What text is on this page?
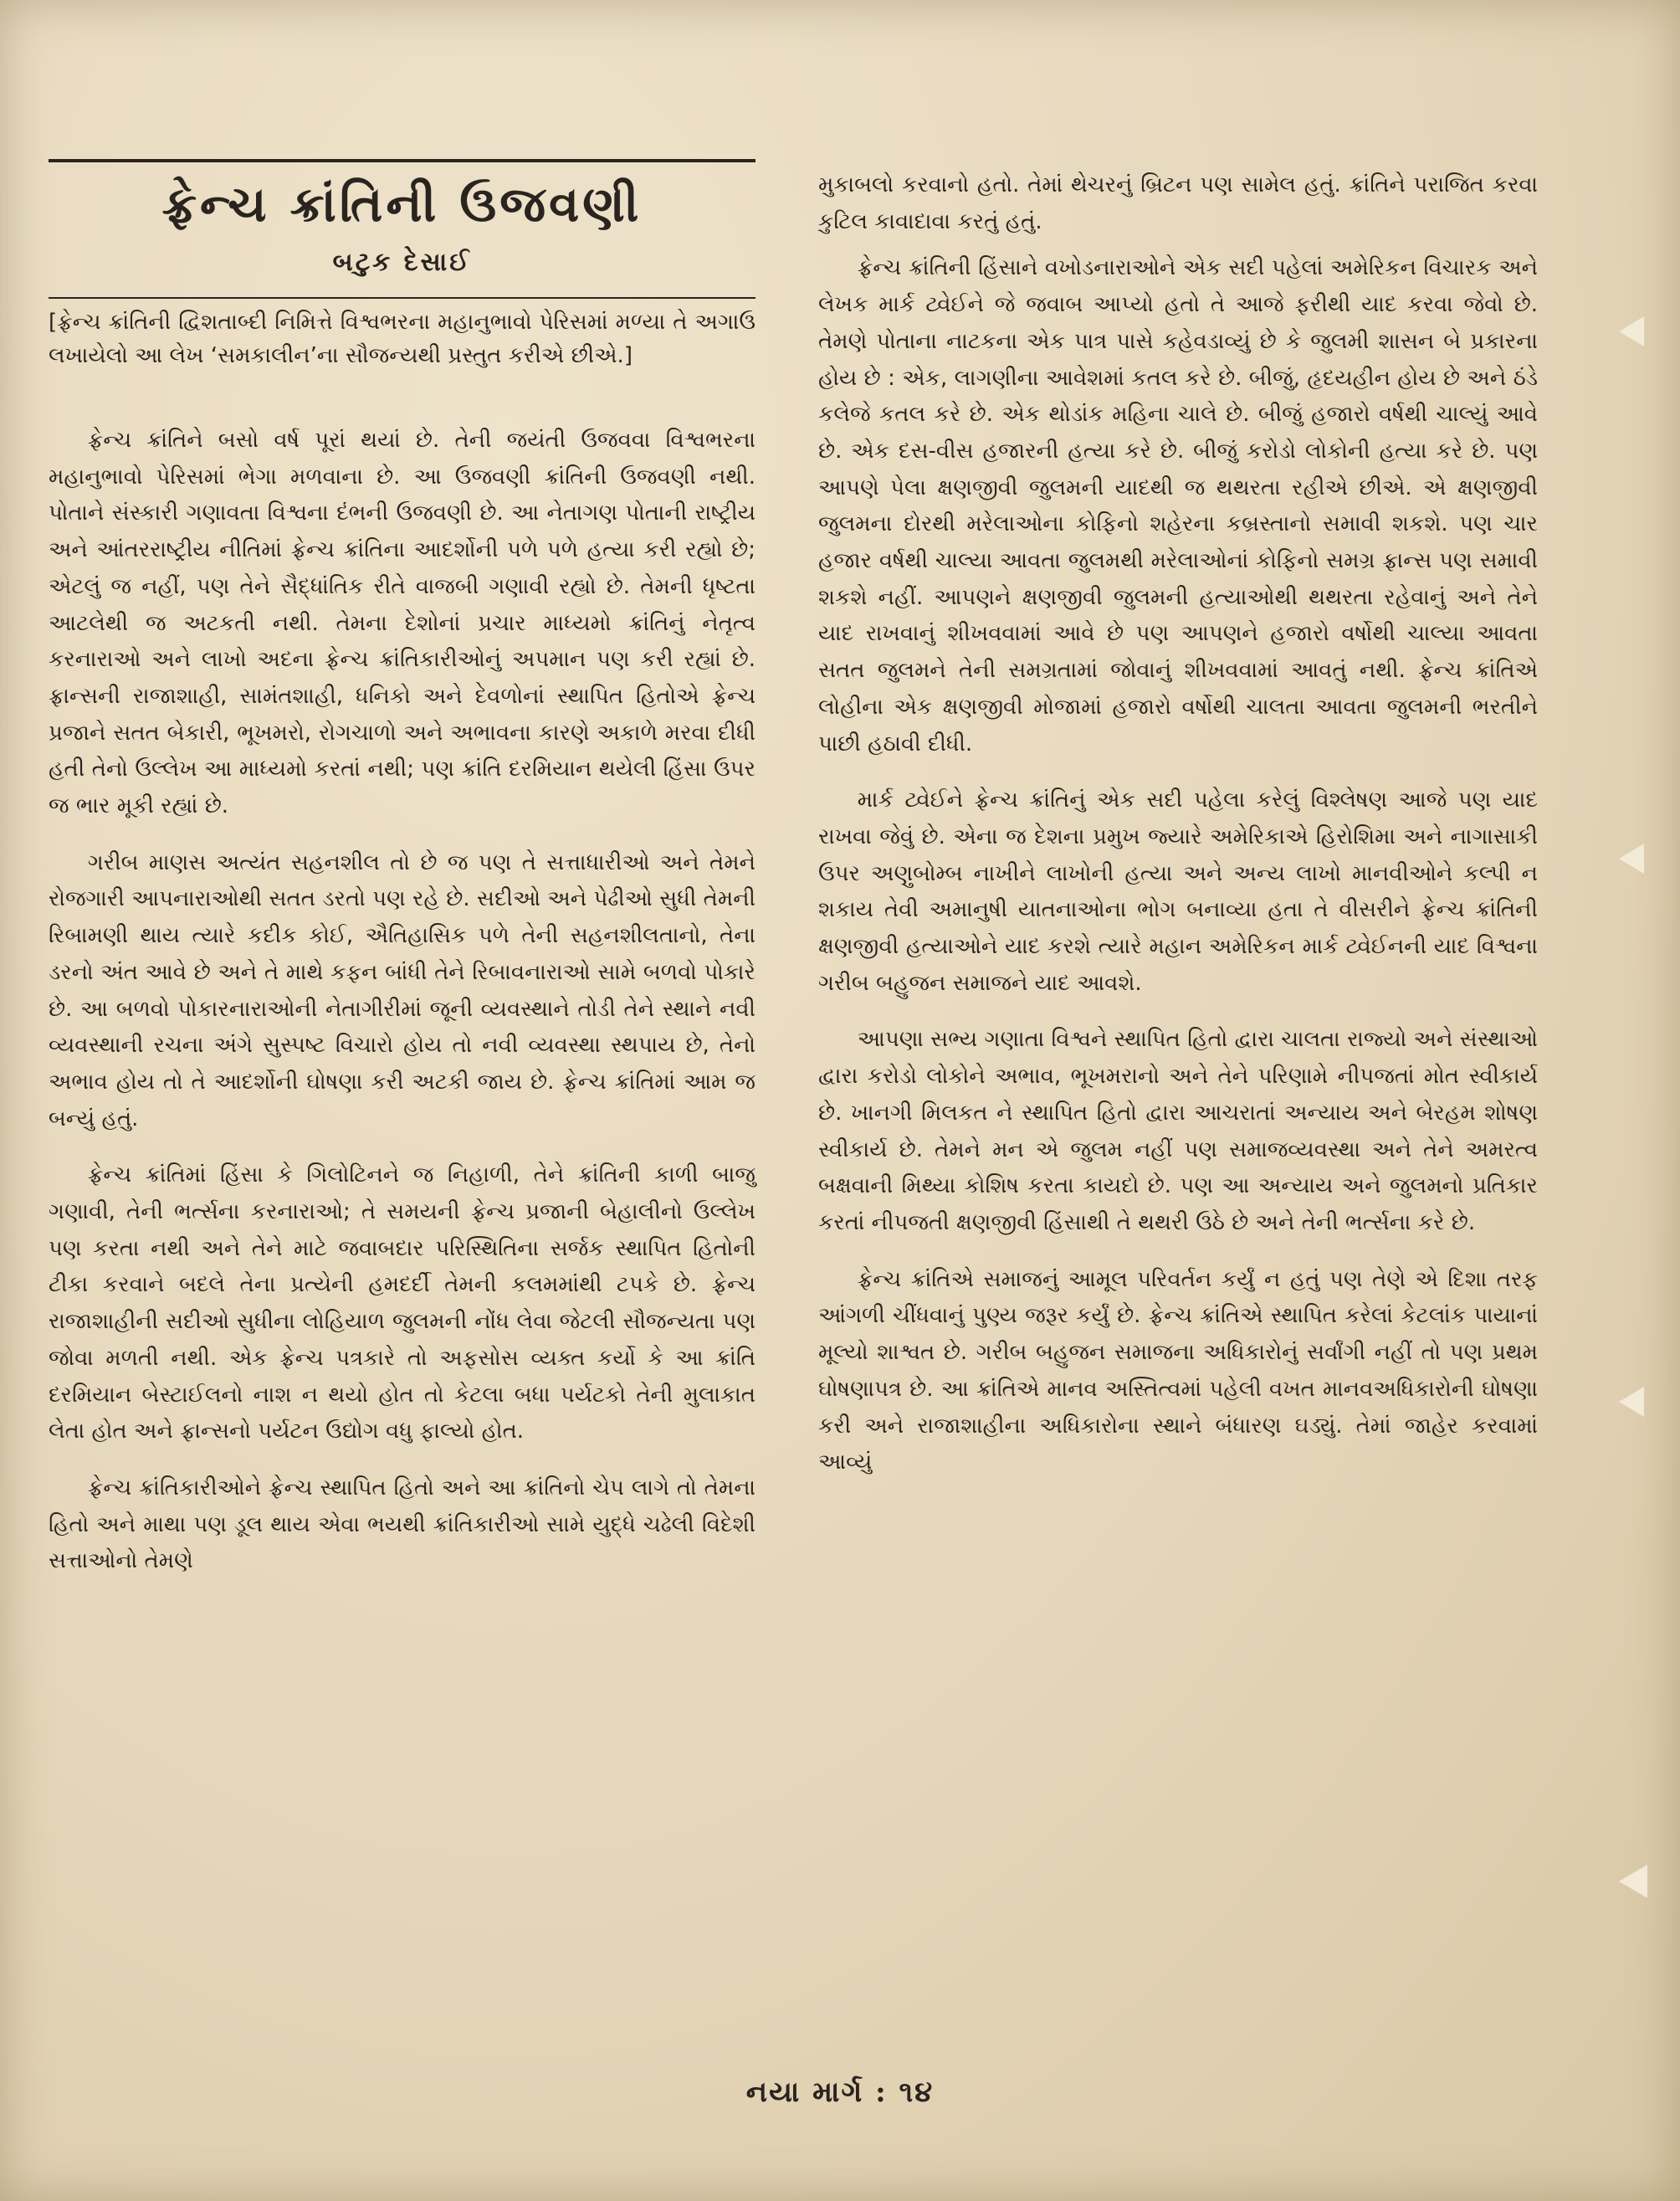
ફ્રેન્ચ ક્રાંતિની ઉજવણી
બટુક દેસાઈ
[ફ્રેન્ચ ક્રાંતિની દ્વિશતાબ્દી નિમિત્તે વિશ્વભરના મહાનુભાવો પેરિસમાં મળ્યા તે અગાઉ લખાયેલો આ લેખ ‘સમકાલીન’ના સૌજન્યથી પ્રસ્તુત કરીએ છીએ.]

ફ્રેન્ચ ક્રાંતિને બસો વર્ષ પૂરાં થયાં છે. તેની જયંતી ઉજવવા વિશ્વભરના મહાનુભાવો પેરિસમાં ભેગા મળવાના છે. આ ઉજવણી ક્રાંતિની ઉજવણી નથી. પોતાને સંસ્કારી ગણાવતા વિશ્વના દંભની ઉજવણી છે. આ નેતાગણ પોતાની રાષ્ટ્રીય અને આંતરરાષ્ટ્રીય નીતિમાં ફ્રેન્ચ ક્રાંતિના આદર્શોની પળે પળે હત્યા કરી રહ્યો છે; એટલું જ નહીં, પણ તેને સૈદ્ધાંતિક રીતે વાજબી ગણાવી રહ્યો છે. તેમની ધૃષ્ટતા આટલેથી જ અટકતી નથી. તેમના દેશોનાં પ્રચાર માધ્યમો ક્રાંતિનું નેતૃત્વ કરનારાઓ અને લાખો અદના ફ્રેન્ચ ક્રાંતિકારીઓનું અપમાન પણ કરી રહ્યાં છે. ફ્રાન્સની રાજાશાહી, સામંતશાહી, ધનિકો અને દેવળોનાં સ્થાપિત હિતોએ ફ્રેન્ચ પ્રજાને સતત બેકારી, ભૂખમરો, રોગચાળો અને અભાવના કારણે અકાળે મરવા દીધી હતી તેનો ઉલ્લેખ આ માધ્યમો કરતાં નથી; પણ ક્રાંતિ દરમિયાન થયેલી હિંસા ઉપર જ ભાર મૂકી રહ્યાં છે.

ગરીબ માણસ અત્યંત સહનશીલ તો છે જ પણ તે સત્તાધારીઓ અને તેમને રોજગારી આપનારાઓથી સતત ડરતો પણ રહે છે. સદીઓ અને પેઢીઓ સુધી તેમની રિબામણી થાય ત્યારે કદીક કોઈ, ઐતિહાસિક પળે તેની સહનશીલતાનો, તેના ડરનો અંત આવે છે અને તે માથે કફન બાંધી તેને રિબાવનારાઓ સામે બળવો પોકારે છે. આ બળવો પોકારનારાઓની નેતાગીરીમાં જૂની વ્યવસ્થાને તોડી તેને સ્થાને નવી વ્યવસ્થાની રચના અંગે સુસ્પષ્ટ વિચારો હોય તો નવી વ્યવસ્થા સ્થપાય છે, તેનો અભાવ હોય તો તે આદર્શોની ઘોષણા કરી અટકી જાય છે. ફ્રેન્ચ ક્રાંતિમાં આમ જ બન્યું હતું.

ફ્રેન્ચ ક્રાંતિમાં હિંસા કે ગિલોટિનને જ નિહાળી, તેને ક્રાંતિની કાળી બાજુ ગણાવી, તેની ભર્ત્સના કરનારાઓ; તે સમયની ફ્રેન્ચ પ્રજાની બેહાલીનો ઉલ્લેખ પણ કરતા નથી અને તેને માટે જવાબદાર પરિસ્થિતિના સર્જક સ્થાપિત હિતોની ટીકા કરવાને બદલે તેના પ્રત્યેની હમદર્દી તેમની કલમમાંથી ટપકે છે. ફ્રેન્ચ રાજાશાહીની સદીઓ સુધીના લોહિયાળ જુલમની નોંધ લેવા જેટલી સૌજન્યતા પણ જોવા મળતી નથી. એક ફ્રેન્ચ પત્રકારે તો અફસોસ વ્યક્ત કર્યો કે આ ક્રાંતિ દરમિયાન બેસ્ટાઈલનો નાશ ન થયો હોત તો કેટલા બધા પર્યટકો તેની મુલાકાત લેતા હોત અને ફ્રાન્સનો પર્યટન ઉદ્યોગ વધુ ફાલ્યો હોત.

ફ્રેન્ચ ક્રાંતિકારીઓને ફ્રેન્ચ સ્થાપિત હિતો અને આ ક્રાંતિનો ચેપ લાગે તો તેમના હિતો અને માથા પણ ડૂલ થાય એવા ભયથી ક્રાંતિકારીઓ સામે યુદ્ધે ચઢેલી વિદેશી સત્તાઓનો તેમણે

મુકાબલો કરવાનો હતો. તેમાં થેચરનું બ્રિટન પણ સામેલ હતું. ક્રાંતિને પરાજિત કરવા કુટિલ કાવાદાવા કરતું હતું.

ફ્રેન્ચ ક્રાંતિની હિંસાને વખોડનારાઓને એક સદી પહેલાં અમેરિકન વિચારક અને લેખક માર્ક ટ્વેઈને જે જવાબ આપ્યો હતો તે આજે ફરીથી યાદ કરવા જેવો છે. તેમણે પોતાના નાટકના એક પાત્ર પાસે કહેવડાવ્યું છે કે જુલમી શાસન બે પ્રકારના હોય છે : એક, લાગણીના આવેશમાં કતલ કરે છે. બીજું, હૃદયહીન હોય છે અને ઠંડે કલેજે કતલ કરે છે. એક થોડાંક મહિના ચાલે છે. બીજું હજારો વર્ષથી ચાલ્યું આવે છે. એક દસ-વીસ હજારની હત્યા કરે છે. બીજું કરોડો લોકોની હત્યા કરે છે. પણ આપણે પેલા ક્ષણજીવી જુલમની યાદથી જ થથરતા રહીએ છીએ. એ ક્ષણજીવી જુલમના દોરથી મરેલાઓના કોફિનો શહેરના કબ્રસ્તાનો સમાવી શકશે. પણ ચાર હજાર વર્ષથી ચાલ્યા આવતા જુલમથી મરેલાઓનાં કોફિનો સમગ્ર ફ્રાન્સ પણ સમાવી શકશે નહીં. આપણને ક્ષણજીવી જુલમની હત્યાઓથી થથરતા રહેવાનું અને તેને યાદ રાખવાનું શીખવવામાં આવે છે પણ આપણને હજારો વર્ષોથી ચાલ્યા આવતા સતત જુલમને તેની સમગ્રતામાં જોવાનું શીખવવામાં આવતું નથી. ફ્રેન્ચ ક્રાંતિએ લોહીના એક ક્ષણજીવી મોજામાં હજારો વર્ષોથી ચાલતા આવતા જુલમની ભરતીને પાછી હઠાવી દીધી.

માર્ક ટ્વેઈને ફ્રેન્ચ ક્રાંતિનું એક સદી પહેલા કરેલું વિશ્લેષણ આજે પણ યાદ રાખવા જેવું છે. એના જ દેશના પ્રમુખ જ્યારે અમેરિકાએ હિરોશિમા અને નાગાસાકી ઉપર અણુબોમ્બ નાખીને લાખોની હત્યા અને અન્ય લાખો માનવીઓને કલ્પી ન શકાય તેવી અમાનુષી યાતનાઓના ભોગ બનાવ્યા હતા તે વીસરીને ફ્રેન્ચ ક્રાંતિની ક્ષણજીવી હત્યાઓને યાદ કરશે ત્યારે મહાન અમેરિકન માર્ક ટ્વેઈનની યાદ વિશ્વના ગરીબ બહુજન સમાજને યાદ આવશે.

આપણા સભ્ય ગણાતા વિશ્વને સ્થાપિત હિતો દ્વારા ચાલતા રાજ્યો અને સંસ્થાઓ દ્વારા કરોડો લોકોને અભાવ, ભૂખમરાનો અને તેને પરિણામે નીપજતાં મોત સ્વીકાર્ય છે. ખાનગી મિલકત ને સ્થાપિત હિતો દ્વારા આચરાતાં અન્યાય અને બેરહમ શોષણ સ્વીકાર્ય છે. તેમને મન એ જુલમ નહીં પણ સમાજવ્યવસ્થા અને તેને અમરત્વ બક્ષવાની મિથ્યા કોશિષ કરતા કાયદો છે. પણ આ અન્યાય અને જુલમનો પ્રતિકાર કરતાં નીપજતી ક્ષણજીવી હિંસાથી તે થથરી ઉઠે છે અને તેની ભર્ત્સના કરે છે.

ફ્રેન્ચ ક્રાંતિએ સમાજનું આમૂલ પરિવર્તન કર્યું ન હતું પણ તેણે એ દિશા તરફ આંગળી ચીંધવાનું પુણ્ય જરૂર કર્યું છે. ફ્રેન્ચ ક્રાંતિએ સ્થાપિત કરેલાં કેટલાંક પાયાનાં મૂલ્યો શાશ્વત છે. ગરીબ બહુજન સમાજના અધિકારોનું સર્વાંગી નહીં તો પણ પ્રથમ ઘોષણાપત્ર છે. આ ક્રાંતિએ માનવ અસ્તિત્વમાં પહેલી વખત માનવઅધિકારોની ઘોષણા કરી અને રાજાશાહીના અધિકારોના સ્થાને બંધારણ ઘડ્યું. તેમાં જાહેર કરવામાં આવ્યું

નયા માર્ગ : ૧૪
